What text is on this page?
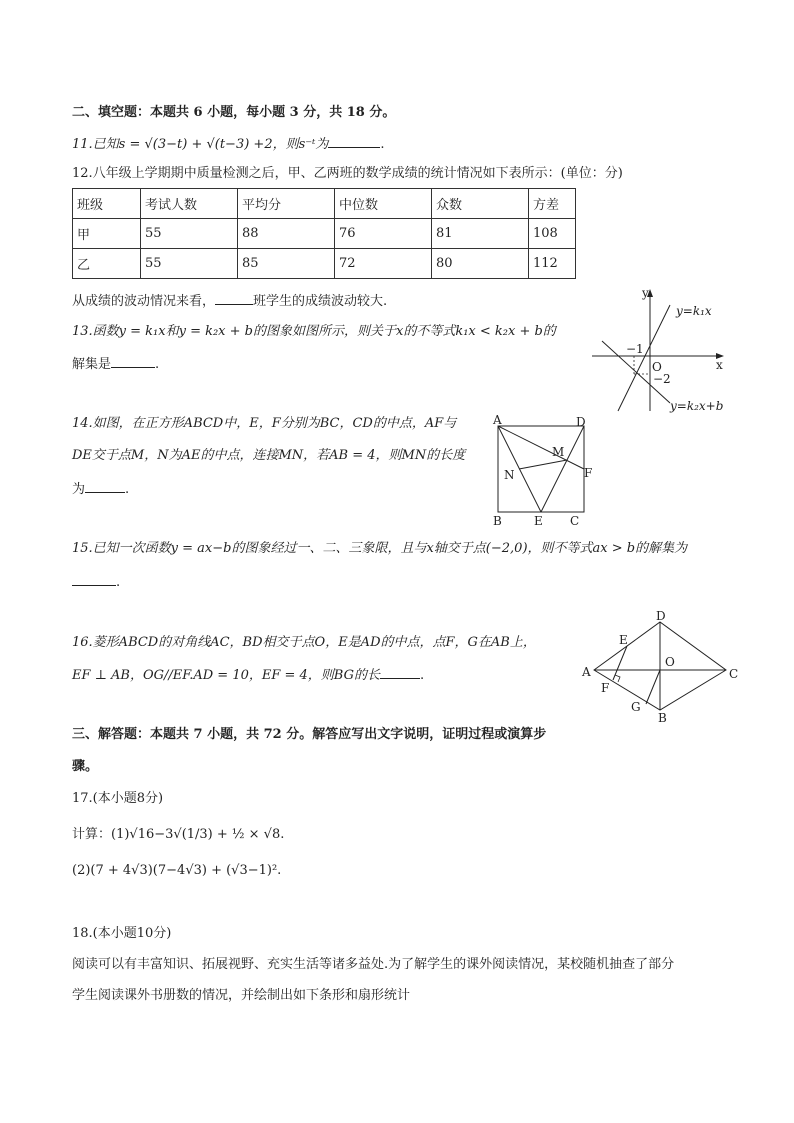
二、填空题：本题共 6 小题，每小题 3 分，共 18 分。
11.已知s = √(3−t) + √(t−3) +2，则s⁻ᵗ为	.
12.八年级上学期期中质量检测之后，甲、乙两班的数学成绩的统计情况如下表所示：(单位：分)
班级	考试人数	平均分	中位数	众数	方差
甲	55	88	76	81	108
乙	55	85	72	80	112
从成绩的波动情况来看，	班学生的成绩波动较大.
13.函数y = k₁x和y = k₂x + b的图象如图所示，则关于x的不等式k₁x < k₂x + b的
解集是	.
y
x
O
−1
−2
y=k₁x
y=k₂x+b
14.如图，在正方形ABCD中，E，F分别为BC，CD的中点，AF与
DE交于点M，N为AE的中点，连接MN，若AB = 4，则MN的长度
为	.
A	D
B	C
E
F
M
N
15.已知一次函数y = ax−b的图象经过一、二、三象限，且与x轴交于点(−2,0)，则不等式ax > b的解集为
.
16.菱形ABCD的对角线AC，BD相交于点O，E是AD的中点，点F，G在AB上，
EF ⊥ AB，OG//EF.AD = 10，EF = 4，则BG的长	.	A
D
C
B
E
F
G
O
三、解答题：本题共 7 小题，共 72 分。解答应写出文字说明，证明过程或演算步
骤。
17.(本小题8分)
计算：(1)√16−3√(1/3) + ½ × √8.
(2)(7 + 4√3)(7−4√3) + (√3−1)².
18.(本小题10分)
阅读可以有丰富知识、拓展视野、充实生活等诸多益处.为了解学生的课外阅读情况，某校随机抽查了部分
学生阅读课外书册数的情况，并绘制出如下条形和扇形统计
